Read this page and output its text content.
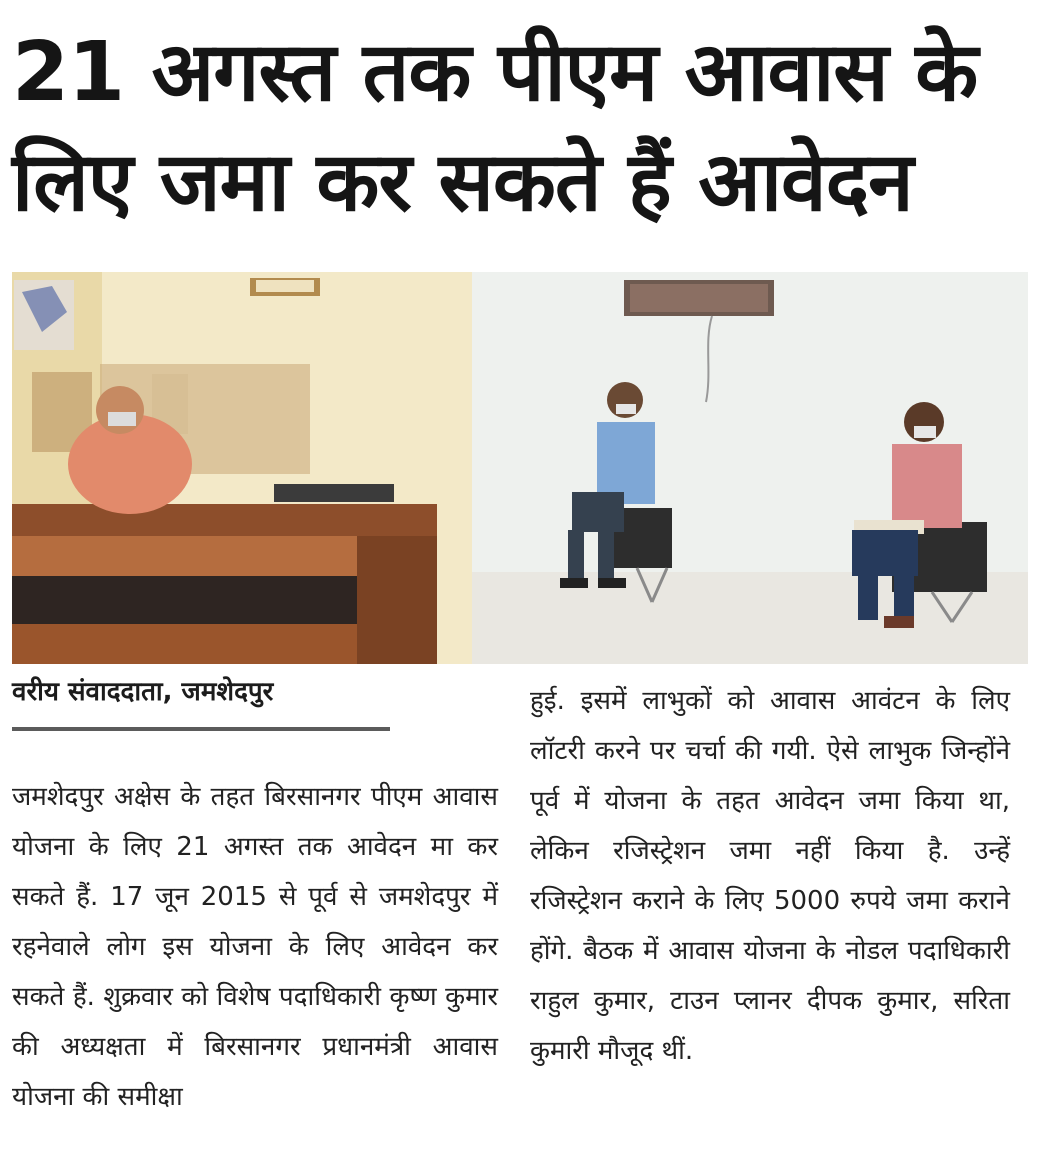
21 अगस्त तक पीएम आवास के लिए जमा कर सकते हैं आवेदन
वरीय संवाददाता, जमशेदपुर

जमशेदपुर अक्षेस के तहत बिरसानगर पीएम आवास योजना के लिए 21 अगस्त तक आवेदन मा कर सकते हैं. 17 जून 2015 से पूर्व से जमशेदपुर में रहनेवाले लोग इस योजना के लिए आवेदन कर सकते हैं. शुक्रवार को विशेष पदाधिकारी कृष्ण कुमार की अध्यक्षता में बिरसानगर प्रधानमंत्री आवास योजना की समीक्षा

हुई. इसमें लाभुकों को आवास आवंटन के लिए लॉटरी करने पर चर्चा की गयी. ऐसे लाभुक जिन्होंने पूर्व में योजना के तहत आवेदन जमा किया था, लेकिन रजिस्ट्रेशन जमा नहीं किया है. उन्हें रजिस्ट्रेशन कराने के लिए 5000 रुपये जमा कराने होंगे. बैठक में आवास योजना के नोडल पदाधिकारी राहुल कुमार, टाउन प्लानर दीपक कुमार, सरिता कुमारी मौजूद थीं.
